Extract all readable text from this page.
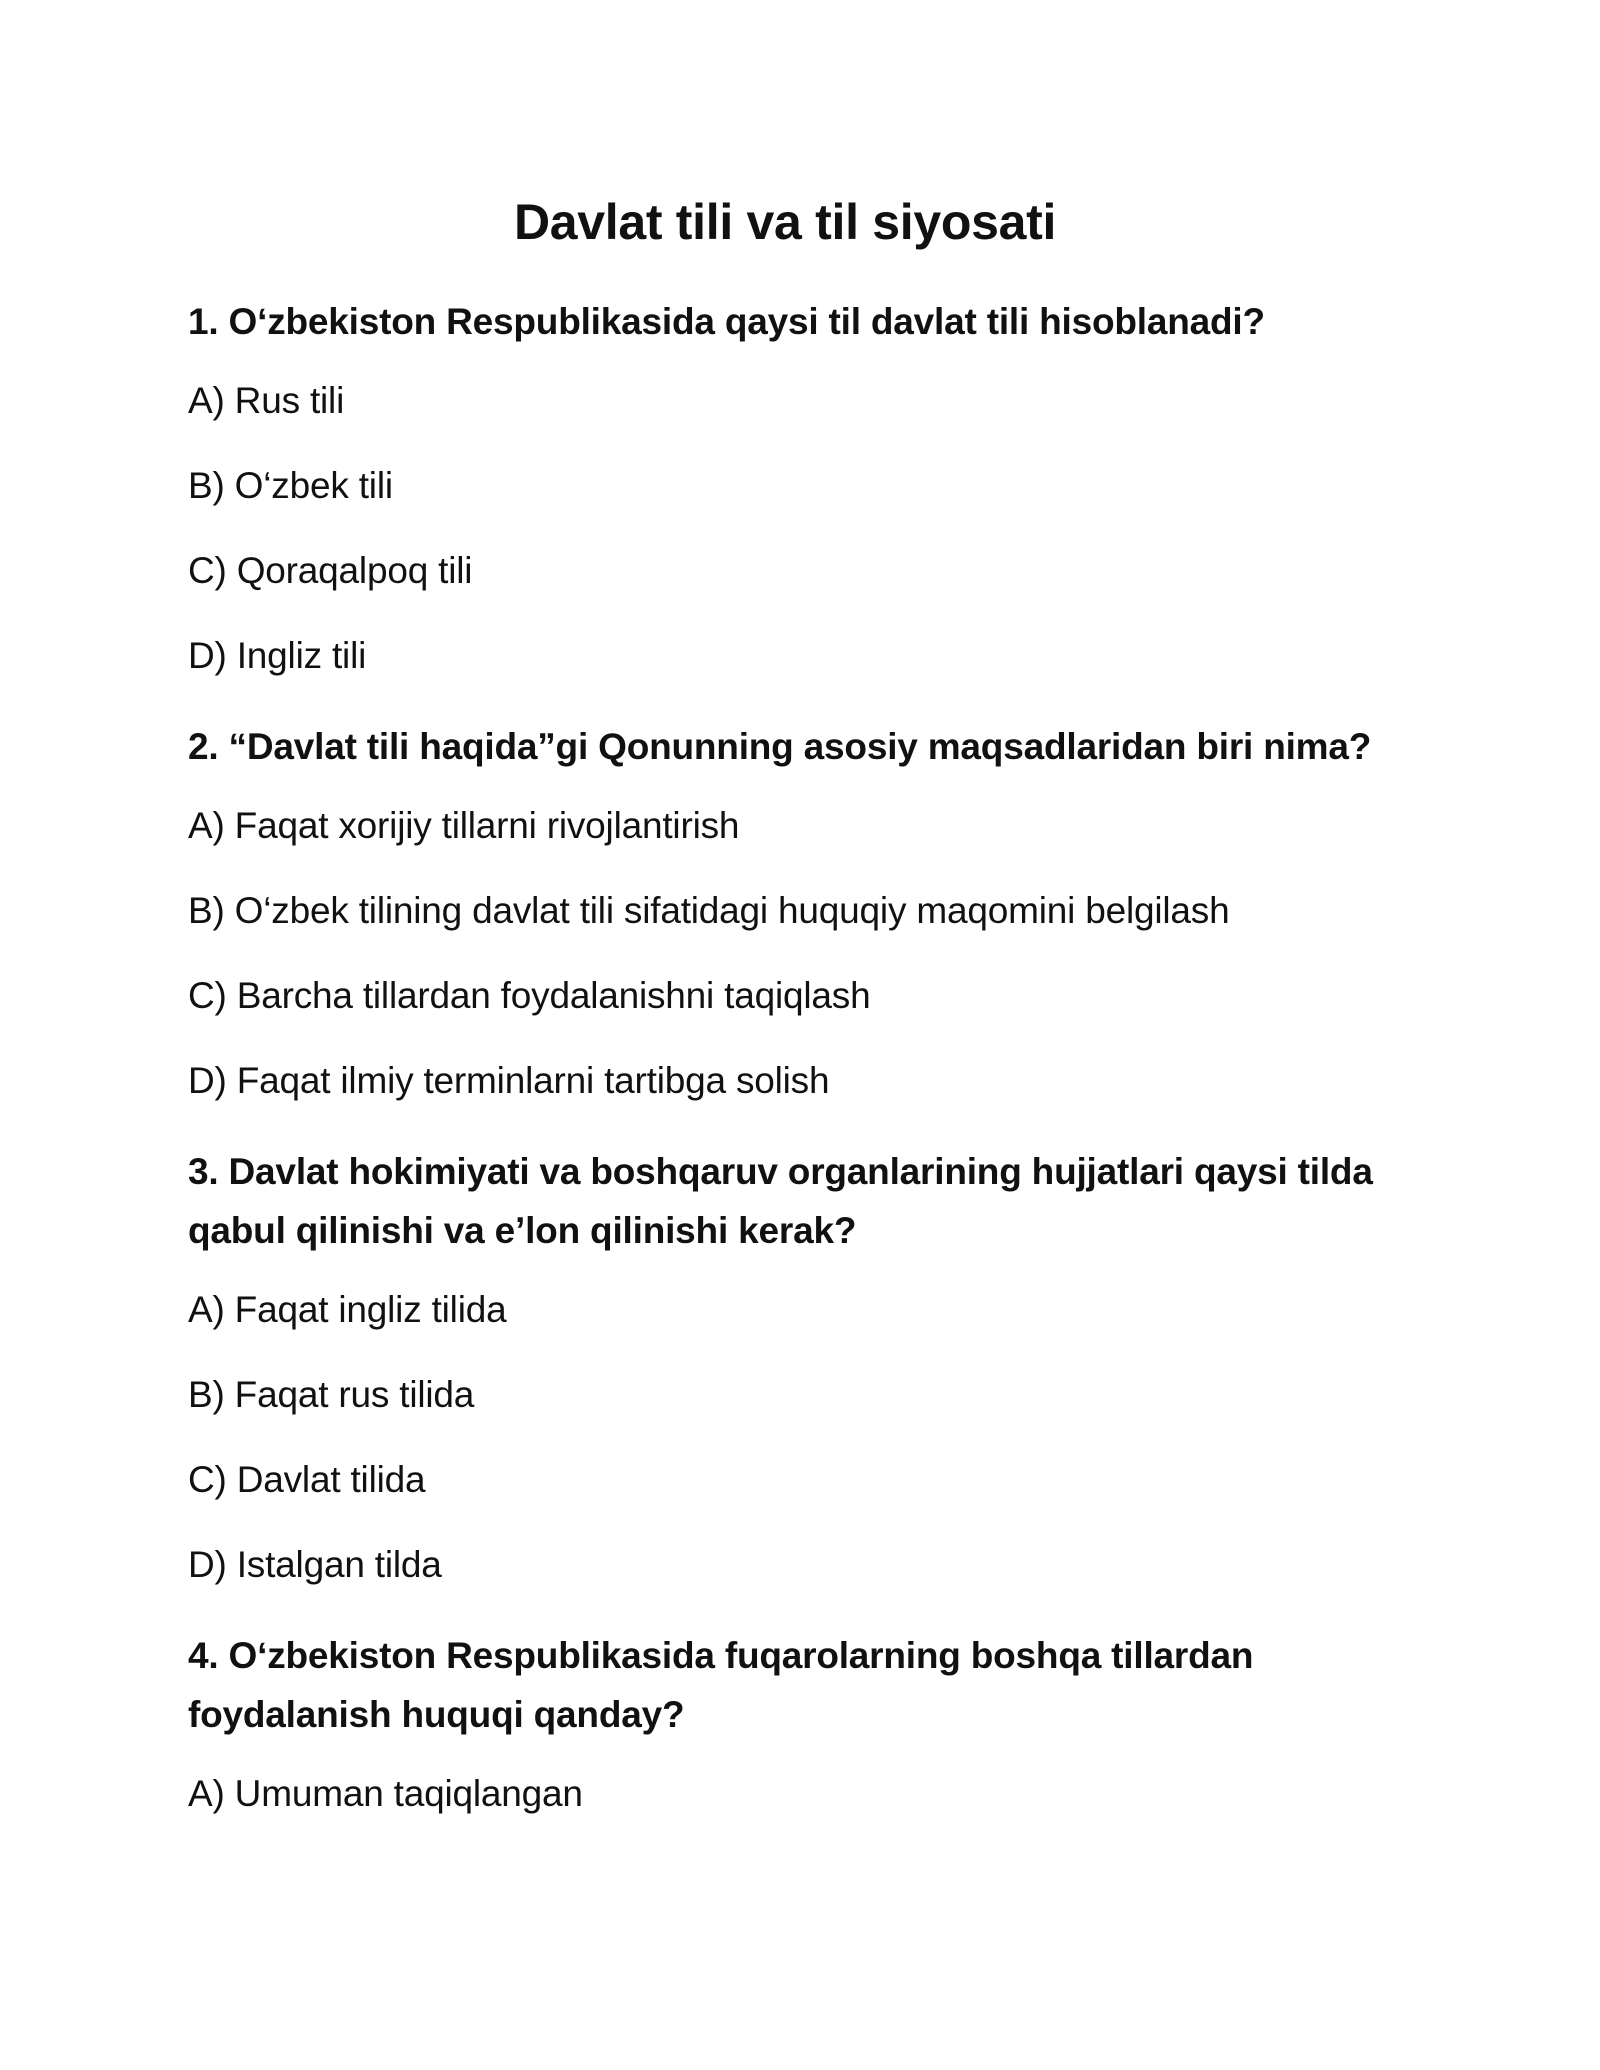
Davlat tili va til siyosati
1. O‘zbekiston Respublikasida qaysi til davlat tili hisoblanadi?
A) Rus tili
B) O‘zbek tili
C) Qoraqalpoq tili
D) Ingliz tili
2. “Davlat tili haqida”gi Qonunning asosiy maqsadlaridan biri nima?
A) Faqat xorijiy tillarni rivojlantirish
B) O‘zbek tilining davlat tili sifatidagi huquqiy maqomini belgilash
C) Barcha tillardan foydalanishni taqiqlash
D) Faqat ilmiy terminlarni tartibga solish
3. Davlat hokimiyati va boshqaruv organlarining hujjatlari qaysi tilda qabul qilinishi va e’lon qilinishi kerak?
A) Faqat ingliz tilida
B) Faqat rus tilida
C) Davlat tilida
D) Istalgan tilda
4. O‘zbekiston Respublikasida fuqarolarning boshqa tillardan foydalanish huquqi qanday?
A) Umuman taqiqlangan
